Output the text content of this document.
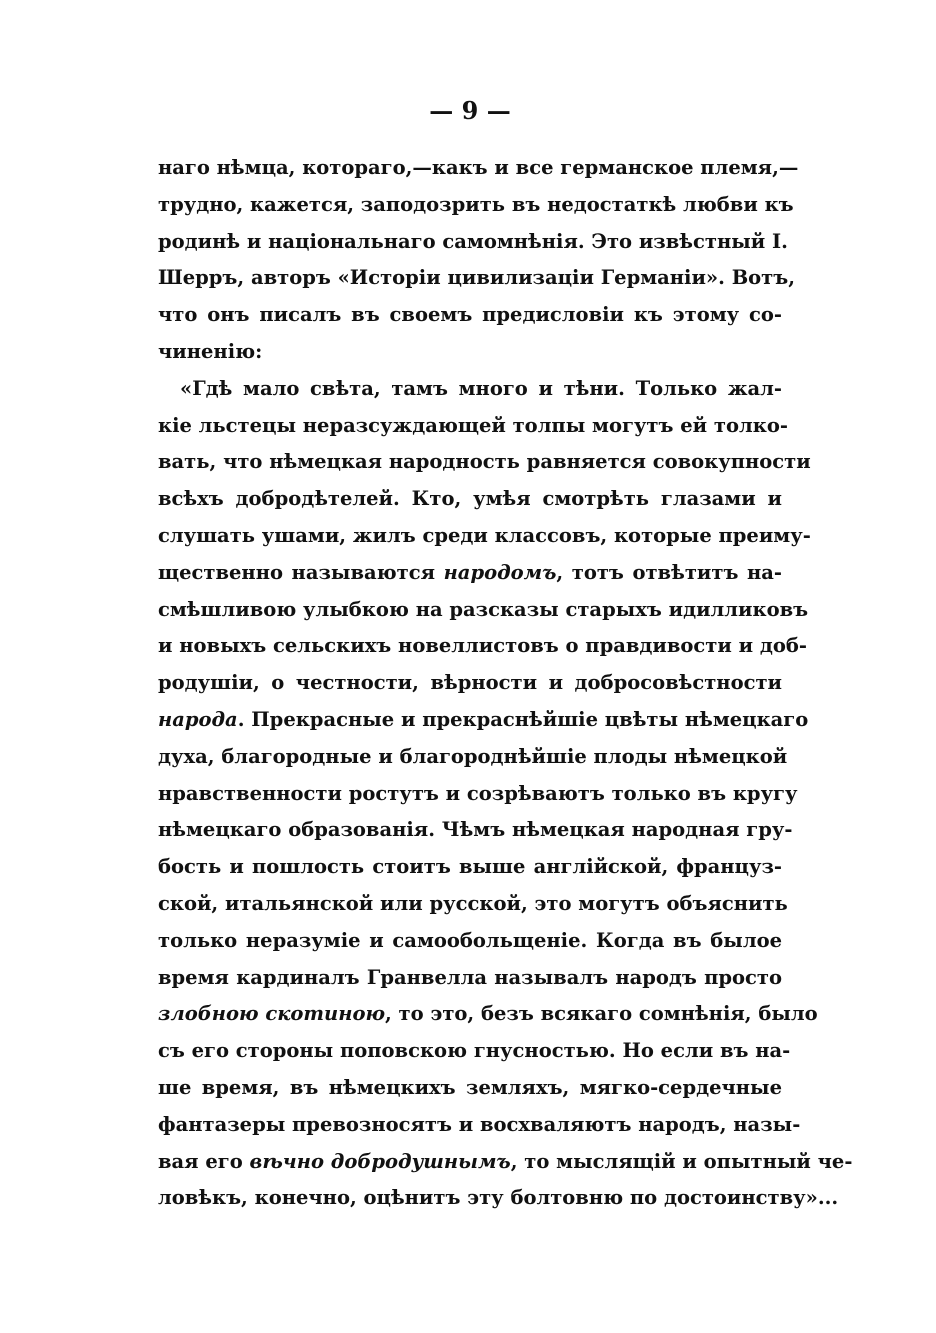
— 9 —
наго нѣмца, котораго,—какъ и все германское племя,—
трудно, кажется, заподозрить въ недостаткѣ любви къ
родинѣ и національнаго самомнѣнія. Это извѣстный I.
Шерръ, авторъ «Исторіи цивилизаціи Германіи». Вотъ,
что онъ писалъ въ своемъ предисловіи къ этому со-
чиненію:
«Гдѣ мало свѣта, тамъ много и тѣни. Только жал-
кіе льстецы неразсуждающей толпы могутъ ей толко-
вать, что нѣмецкая народность равняется совокупности
всѣхъ добродѣтелей. Кто, умѣя смотрѣть глазами и
слушать ушами, жилъ среди классовъ, которые преиму-
щественно называются народомъ, тотъ отвѣтитъ на-
смѣшливою улыбкою на разсказы старыхъ идилликовъ
и новыхъ сельскихъ новеллистовъ о правдивости и доб-
родушіи, о честности, вѣрности и добросовѣстности
народа. Прекрасные и прекраснѣйшіе цвѣты нѣмецкаго
духа, благородные и благороднѣйшіе плоды нѣмецкой
нравственности ростутъ и созрѣваютъ только въ кругу
нѣмецкаго образованія. Чѣмъ нѣмецкая народная гру-
бость и пошлость стоитъ выше англійской, француз-
ской, итальянской или русской, это могутъ объяснить
только неразуміе и самообольщеніе. Когда въ былое
время кардиналъ Гранвелла называлъ народъ просто
злобною скотиною, то это, безъ всякаго сомнѣнія, было
съ его стороны поповскою гнусностью. Но если въ на-
ше время, въ нѣмецкихъ земляхъ, мягко-сердечные
фантазеры превозносятъ и восхваляютъ народъ, назы-
вая его вѣчно добродушнымъ, то мыслящій и опытный че-
ловѣкъ, конечно, оцѣнитъ эту болтовню по достоинству»...
